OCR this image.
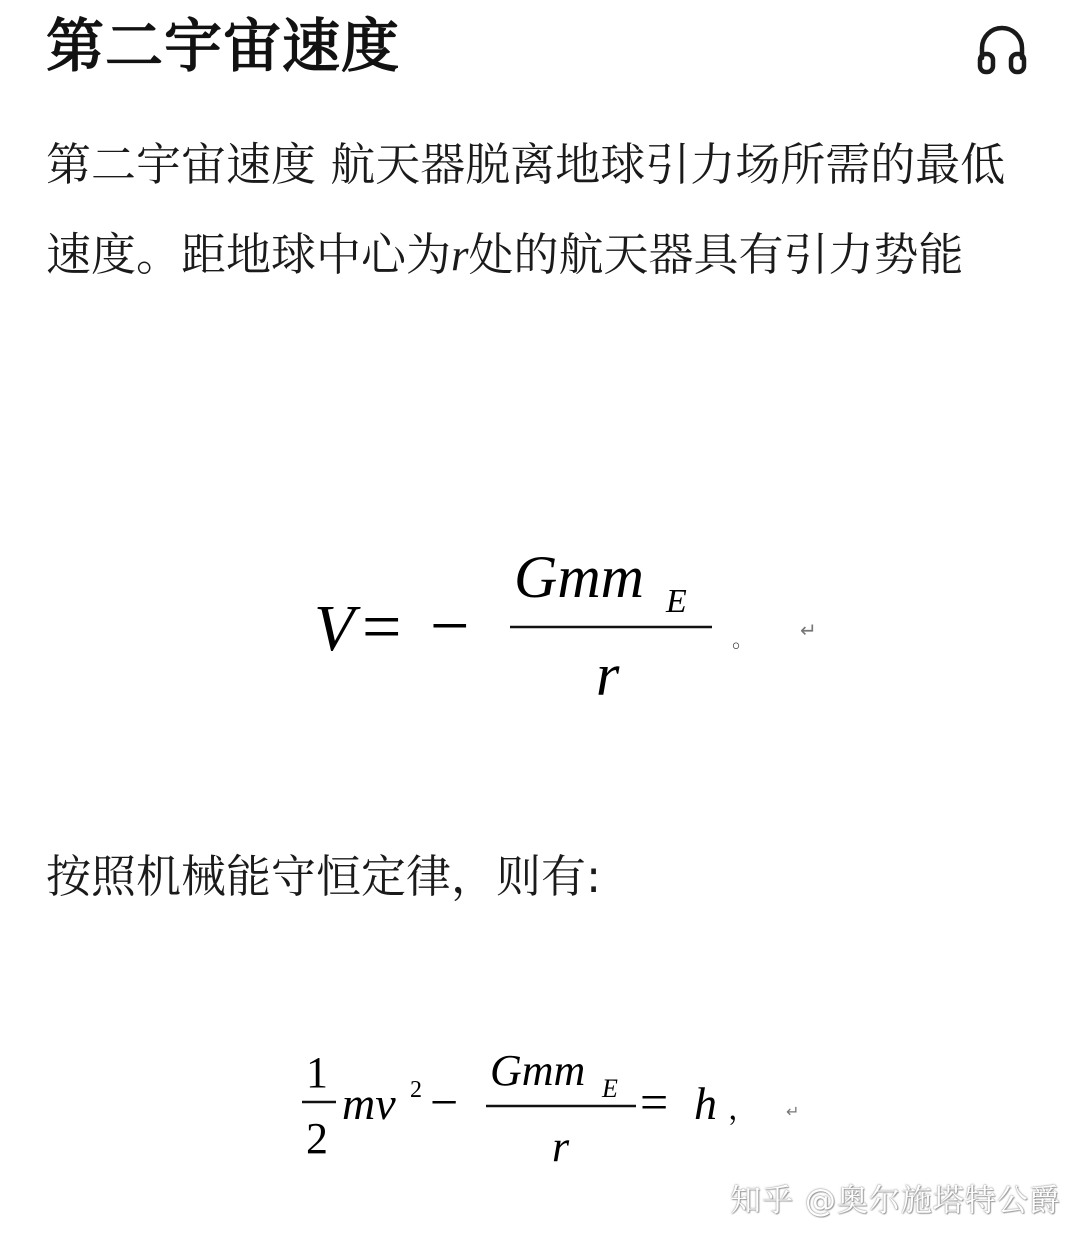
第二宇宙速度

第二宇宙速度 航天器脱离地球引力场所需的最低速度。距地球中心为r处的航天器具有引力势能

V = −
Gmm E
r
。 ↵

按照机械能守恒定律，则有:

1
2
mv 2 −
Gmm E
r
= h ， ↵
知乎 @奥尔施塔特公爵
